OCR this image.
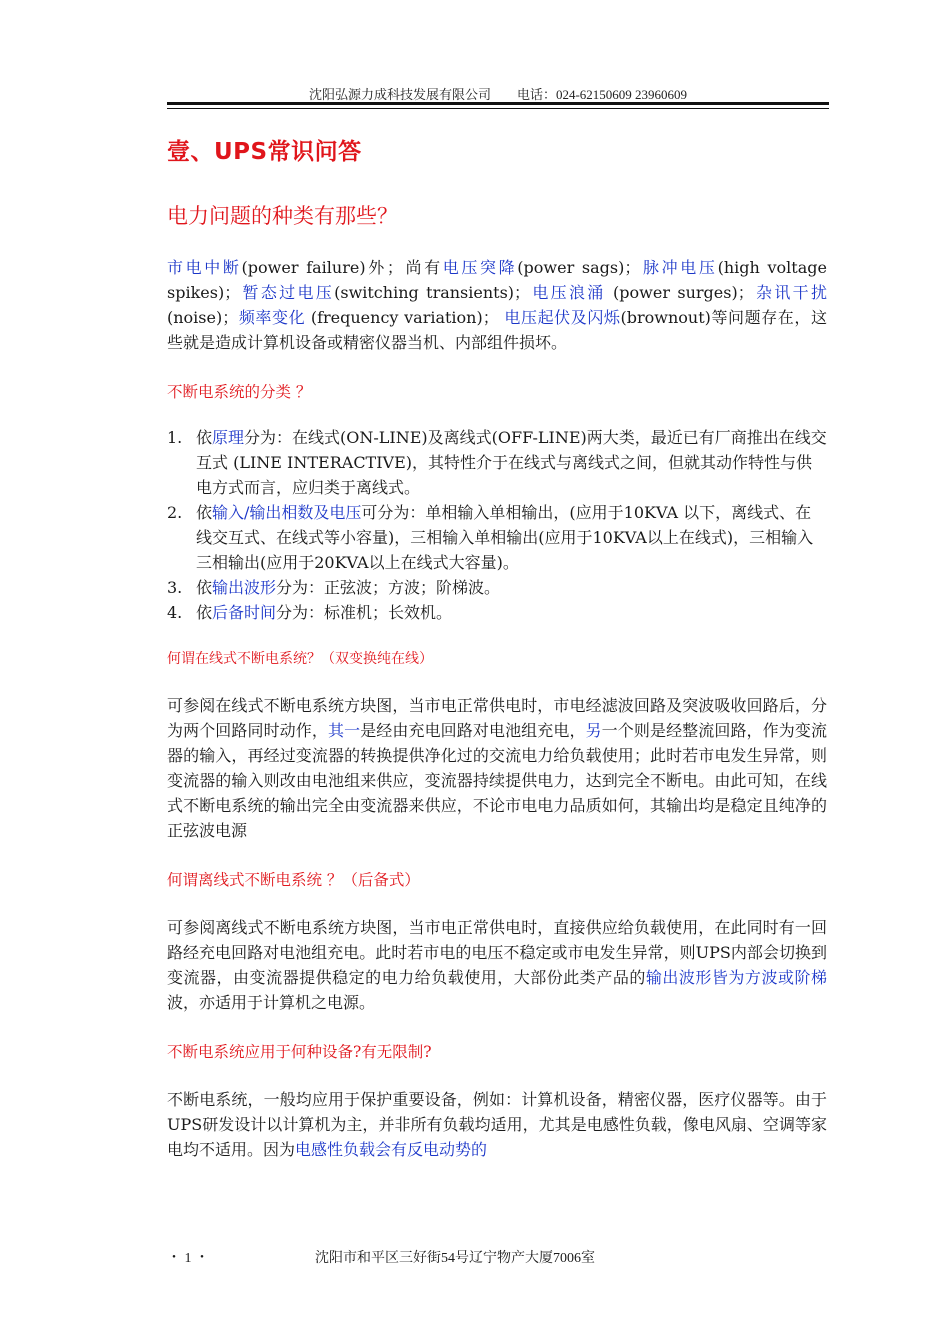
沈阳弘源力成科技发展有限公司 电话：024-62150609 23960609
壹、UPS常识问答
电力问题的种类有那些？

市电中断(power failure)外；尚有电压突降(power sags)；脉冲电压(high voltage spikes)；暂态过电压(switching transients)；电压浪涌 (power surges)；杂讯干扰(noise)；频率变化 (frequency variation)； 电压起伏及闪烁(brownout)等问题存在，这些就是造成计算机设备或精密仪器当机、内部组件损坏。

不断电系统的分类 ？
1. 依原理分为：在线式(ON-LINE)及离线式(OFF-LINE)两大类，最近已有厂商推出在线交互式 (LINE INTERACTIVE)，其特性介于在线式与离线式之间，但就其动作特性与供电方式而言，应归类于离线式。
2. 依输入/输出相数及电压可分为：单相输入单相输出，(应用于10KVA 以下，离线式、在线交互式、在线式等小容量)，三相输入单相输出(应用于10KVA以上在线式)，三相输入三相输出(应用于20KVA以上在线式大容量)。
3. 依输出波形分为：正弦波；方波；阶梯波。
4. 依后备时间分为：标准机；长效机。
何谓在线式不断电系统？（双变换纯在线）

可参阅在线式不断电系统方块图，当市电正常供电时，市电经滤波回路及突波吸收回路后，分为两个回路同时动作，其一是经由充电回路对电池组充电，另一个则是经整流回路，作为变流器的输入，再经过变流器的转换提供净化过的交流电力给负载使用；此时若市电发生异常，则变流器的输入则改由电池组来供应，变流器持续提供电力，达到完全不断电。由此可知，在线式不断电系统的输出完全由变流器来供应，不论市电电力品质如何，其输出均是稳定且纯净的正弦波电源

何谓离线式不断电系统 ？（后备式）

可参阅离线式不断电系统方块图，当市电正常供电时，直接供应给负载使用，在此同时有一回路经充电回路对电池组充电。此时若市电的电压不稳定或市电发生异常，则UPS内部会切换到变流器，由变流器提供稳定的电力给负载使用，大部份此类产品的输出波形皆为方波或阶梯波，亦适用于计算机之电源。

不断电系统应用于何种设备?有无限制?

不断电系统，一般均应用于保护重要设备，例如：计算机设备，精密仪器，医疗仪器等。由于UPS研发设计以计算机为主，并非所有负载均适用，尤其是电感性负载，像电风扇、空调等家电均不适用。因为电感性负载会有反电动势的

・ 1 ・	沈阳市和平区三好街54号辽宁物产大厦7006室
